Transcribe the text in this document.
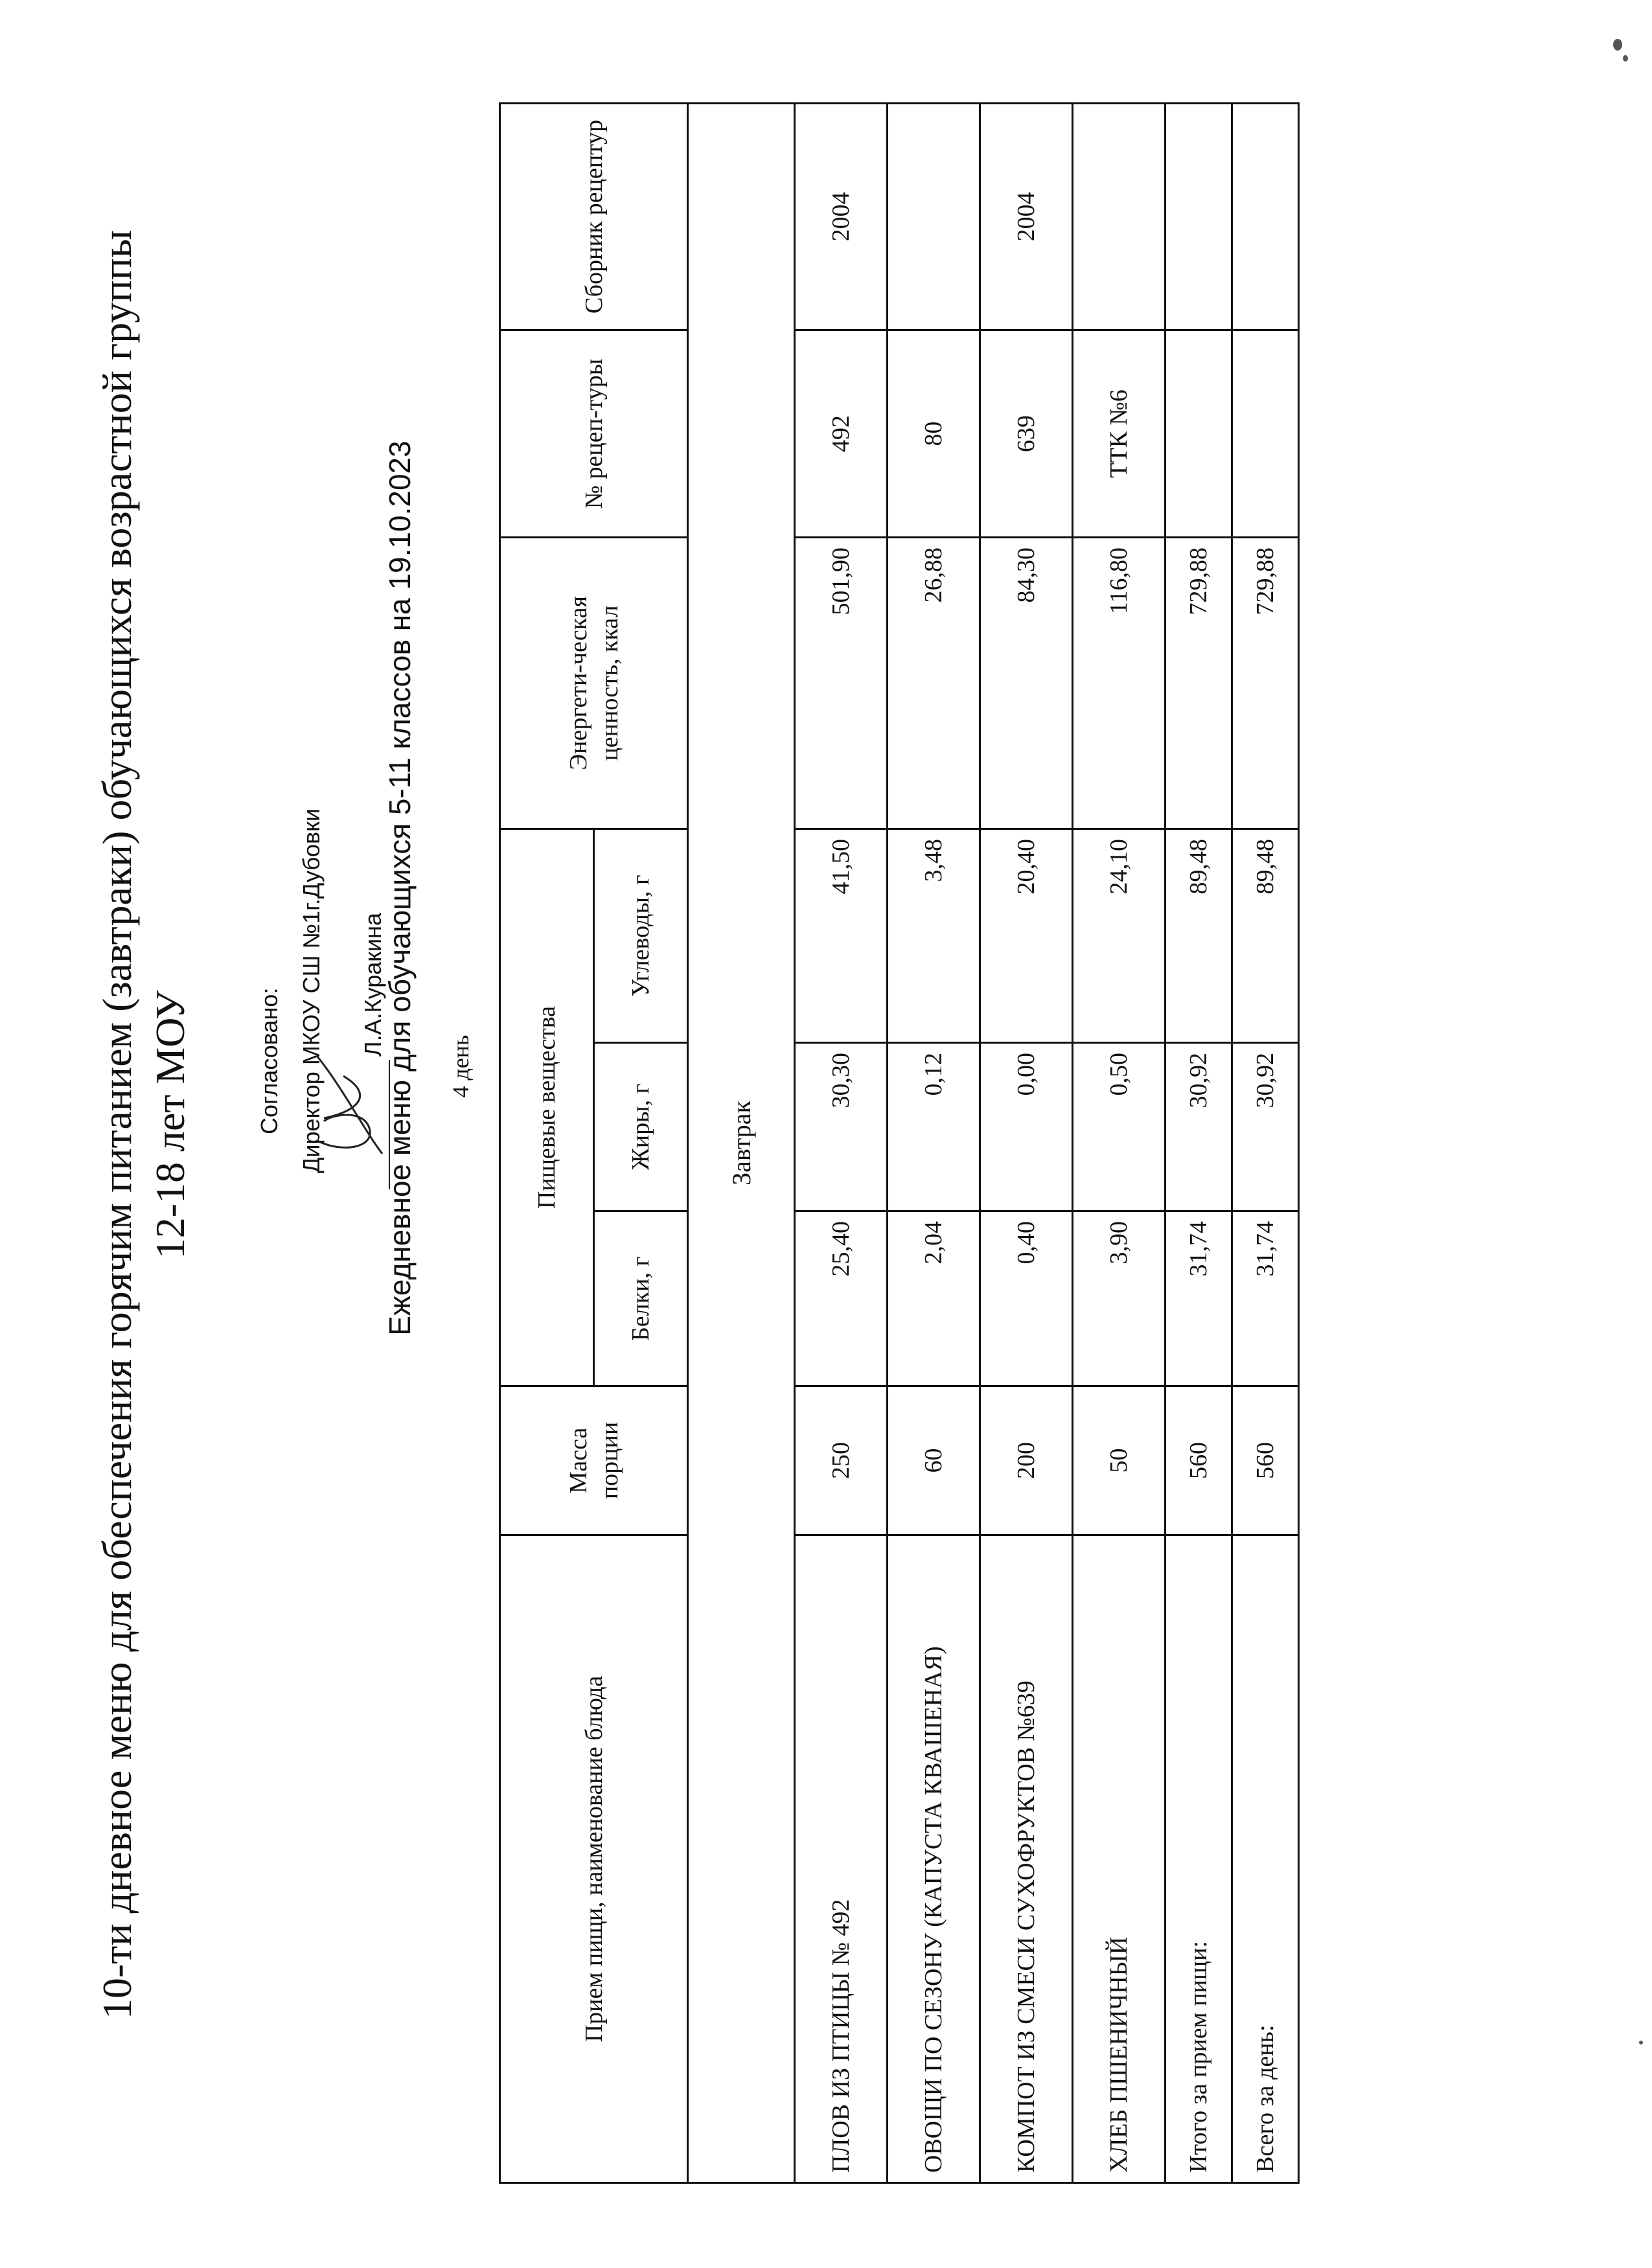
10-ти дневное меню для обеспечения горячим питанием (завтраки) обучающихся возрастной группы 12-18 лет МОУ	Согласовано: Директор МКОУ СШ №1г.Дубовки Л.А.Куракина
Ежедневное меню для обучающихся 5-11 классов на 19.10.2023 4 день
Прием пищи, наименование блюда	Масса порции	Пищевые вещества			Энергети-ческая ценность, ккал	№ рецеп-туры	Сборник рецептур
		Белки, г	Жиры, г	Углеводы, г			
Завтрак							
ПЛОВ ИЗ ПТИЦЫ № 492	250	25,40	30,30	41,50	501,90	492	2004
ОВОЩИ ПО СЕЗОНУ (КАПУСТА КВАШЕНАЯ)	60	2,04	0,12	3,48	26,88	80	
КОМПОТ ИЗ СМЕСИ СУХОФРУКТОВ №639	200	0,40	0,00	20,40	84,30	639	2004
ХЛЕБ ПШЕНИЧНЫЙ	50	3,90	0,50	24,10	116,80	ТТК №6	
Итого за прием пищи:	560	31,74	30,92	89,48	729,88		
Всего за день:	560	31,74	30,92	89,48	729,88		
